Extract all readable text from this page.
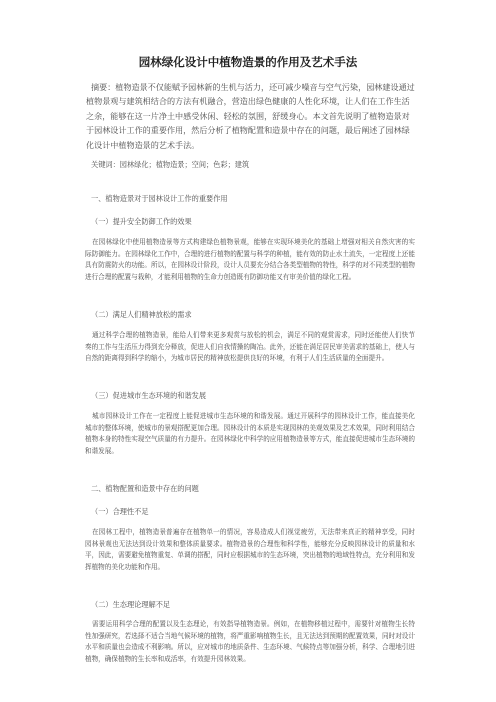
园林绿化设计中植物造景的作用及艺术手法
摘要：植物造景不仅能赋予园林新的生机与活力，还可减少噪音与空气污染，园林建设通过植物景观与建筑相结合的方法有机融合，营造出绿色健康的人性化环境，让人们在工作生活之余，能够在这一片净土中感受休闲、轻松的氛围，舒缓身心。本文首先说明了植物造景对于园林设计工作的重要作用，然后分析了植物配置和造景中存在的问题，最后阐述了园林绿化设计中植物造景的艺术手法。
关键词：园林绿化；植物造景；空间；色彩；建筑
一、植物造景对于园林设计工作的重要作用
（一）提升安全防御工作的效果
在园林绿化中使用植物造景等方式构建绿色植物景观，能够在实现环境美化的基础上增强对相关自然灾害的实际防御能力。在园林绿化工作中，合理的进行植物的配置与科学的种植，能有效的防止水土流失，一定程度上还能具有防震防火的功能。所以，在园林设计阶段，设计人员要充分结合各类型植物的特性，科学的对不同类型的植物进行合理的配置与栽种，才能利用植物的生命力创造既有防御功能又有审美价值的绿化工程。
（二）满足人们精神放松的需求
通过科学合理的植物造景，能给人们带来更多观赏与放松的机会，满足不同的观赏需求，同时还能使人们快节奏的工作与生活压力得到充分释放，促进人们自我情操的陶冶。此外，还能在满足居民审美需求的基础上，使人与自然的距离得到科学的缩小，为城市居民的精神放松提供良好的环境，有利于人们生活质量的全面提升。
（三）促进城市生态环境的和谐发展
城市园林设计工作在一定程度上能促进城市生态环境的和谐发展。通过开展科学的园林设计工作，能直接美化城市的整体环境，使城市的景观搭配更加合理。园林设计的本质是实现园林的美观效果及艺术效果，同时利用结合植物本身的特性实现空气质量的有力提升。在园林绿化中科学的应用植物造景等方式，能直接促进城市生态环境的和谐发展。
二、植物配置和造景中存在的问题
（一）合理性不足
在园林工程中，植物造景普遍存在植物单一的情况，容易造成人们视觉疲劳，无法带来真正的精神享受，同时园林景观也无法达到设计效果和整体质量要求。植物造景的合理性和科学性，能够充分反映园林设计的质量和水平，因此，需要避免植物重复、单调的搭配，同时应根据城市的生态环境，突出植物的地域性特点，充分利用和发挥植物的美化功能和作用。
（二）生态理论理解不足
需要运用科学合理的配置以及生态理论，有效指导植物造景。例如，在植物移植过程中，需要针对植物生长特性加强研究，若选择不适合当地气候环境的植物，将严重影响植物生长，且无法达到预期的配置效果，同时对设计水平和质量也会造成不利影响。所以，应对城市的地质条件、生态环境、气候特点等加强分析，科学、合理地引进植物，确保植物的生长率和成活率，有效提升园林效果。
